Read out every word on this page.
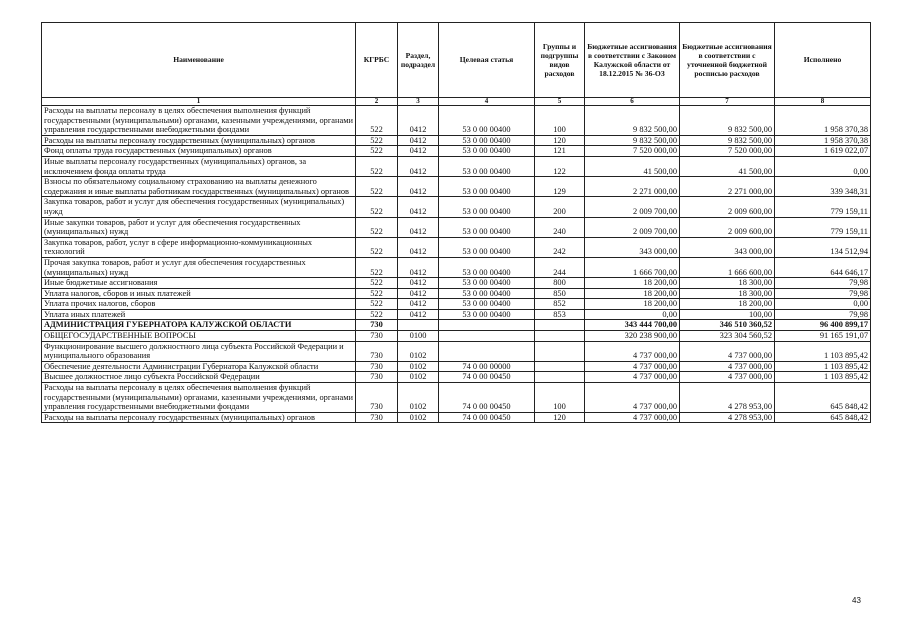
Наименование	КГРБС	Раздел, подраздел	Целевая статья	Группы и подгруппы видов расходов	Бюджетные ассигнования в соответствии с Законом Калужской области от 18.12.2015 № 36-ОЗ	Бюджетные ассигнования в соответствии с уточненной бюджетной росписью расходов	Исполнено
1	2	3	4	5	6	7	8
Расходы на выплаты персоналу в целях обеспечения выполнения функций государственными (муниципальными) органами, казенными учреждениями, органами управления государственными внебюджетными фондами	522	0412	53 0 00 00400	100	9 832 500,00	9 832 500,00	1 958 370,38
Расходы на выплаты персоналу государственных (муниципальных) органов	522	0412	53 0 00 00400	120	9 832 500,00	9 832 500,00	1 958 370,38
Фонд оплаты труда государственных (муниципальных) органов	522	0412	53 0 00 00400	121	7 520 000,00	7 520 000,00	1 619 022,07
Иные выплаты персоналу государственных (муниципальных) органов, за исключением фонда оплаты труда	522	0412	53 0 00 00400	122	41 500,00	41 500,00	0,00
Взносы по обязательному социальному страхованию на выплаты денежного содержания и иные выплаты работникам государственных (муниципальных) органов	522	0412	53 0 00 00400	129	2 271 000,00	2 271 000,00	339 348,31
Закупка товаров, работ и услуг для обеспечения государственных (муниципальных) нужд	522	0412	53 0 00 00400	200	2 009 700,00	2 009 600,00	779 159,11
Иные закупки товаров, работ и услуг для обеспечения государственных (муниципальных) нужд	522	0412	53 0 00 00400	240	2 009 700,00	2 009 600,00	779 159,11
Закупка товаров, работ, услуг в сфере информационно-коммуникационных технологий	522	0412	53 0 00 00400	242	343 000,00	343 000,00	134 512,94
Прочая закупка товаров, работ и услуг для обеспечения государственных (муниципальных) нужд	522	0412	53 0 00 00400	244	1 666 700,00	1 666 600,00	644 646,17
Иные бюджетные ассигнования	522	0412	53 0 00 00400	800	18 200,00	18 300,00	79,98
Уплата налогов, сборов и иных платежей	522	0412	53 0 00 00400	850	18 200,00	18 300,00	79,98
Уплата прочих налогов, сборов	522	0412	53 0 00 00400	852	18 200,00	18 200,00	0,00
Уплата иных платежей	522	0412	53 0 00 00400	853	0,00	100,00	79,98
АДМИНИСТРАЦИЯ ГУБЕРНАТОРА КАЛУЖСКОЙ ОБЛАСТИ	730				343 444 700,00	346 510 360,52	96 400 899,17
ОБЩЕГОСУДАРСТВЕННЫЕ ВОПРОСЫ	730	0100			320 238 900,00	323 304 560,52	91 165 191,07
Функционирование высшего должностного лица субъекта Российской Федерации и муниципального образования	730	0102			4 737 000,00	4 737 000,00	1 103 895,42
Обеспечение деятельности Администрации Губернатора Калужской области	730	0102	74 0 00 00000		4 737 000,00	4 737 000,00	1 103 895,42
Высшее должностное лицо субъекта Российской Федерации	730	0102	74 0 00 00450		4 737 000,00	4 737 000,00	1 103 895,42
Расходы на выплаты персоналу в целях обеспечения выполнения функций государственными (муниципальными) органами, казенными учреждениями, органами управления государственными внебюджетными фондами	730	0102	74 0 00 00450	100	4 737 000,00	4 278 953,00	645 848,42
Расходы на выплаты персоналу государственных (муниципальных) органов	730	0102	74 0 00 00450	120	4 737 000,00	4 278 953,00	645 848,42
43
